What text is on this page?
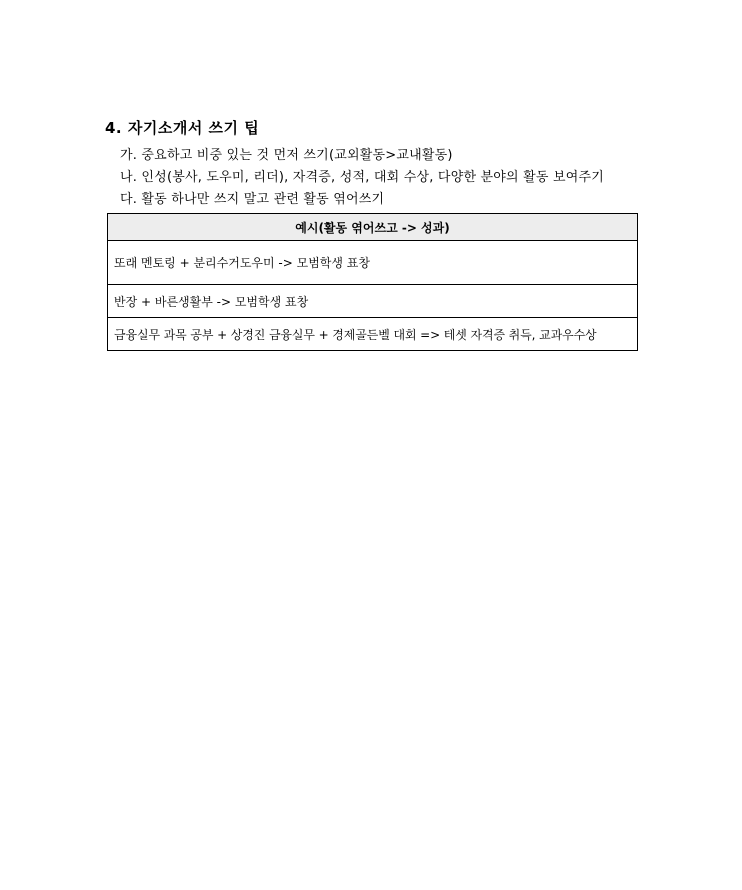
4. 자기소개서 쓰기 팁
가. 중요하고 비중 있는 것 먼저 쓰기(교외활동>교내활동)
나. 인성(봉사, 도우미, 리더), 자격증, 성적, 대회 수상, 다양한 분야의 활동 보여주기
다. 활동 하나만 쓰지 말고 관련 활동 엮어쓰기
예시(활동 엮어쓰고 -> 성과)
또래 멘토링 + 분리수거도우미 -> 모범학생 표창
반장 + 바른생활부 -> 모범학생 표창
금융실무 과목 공부 + 상경진 금융실무 + 경제골든벨 대회 => 테셋 자격증 취득, 교과우수상
